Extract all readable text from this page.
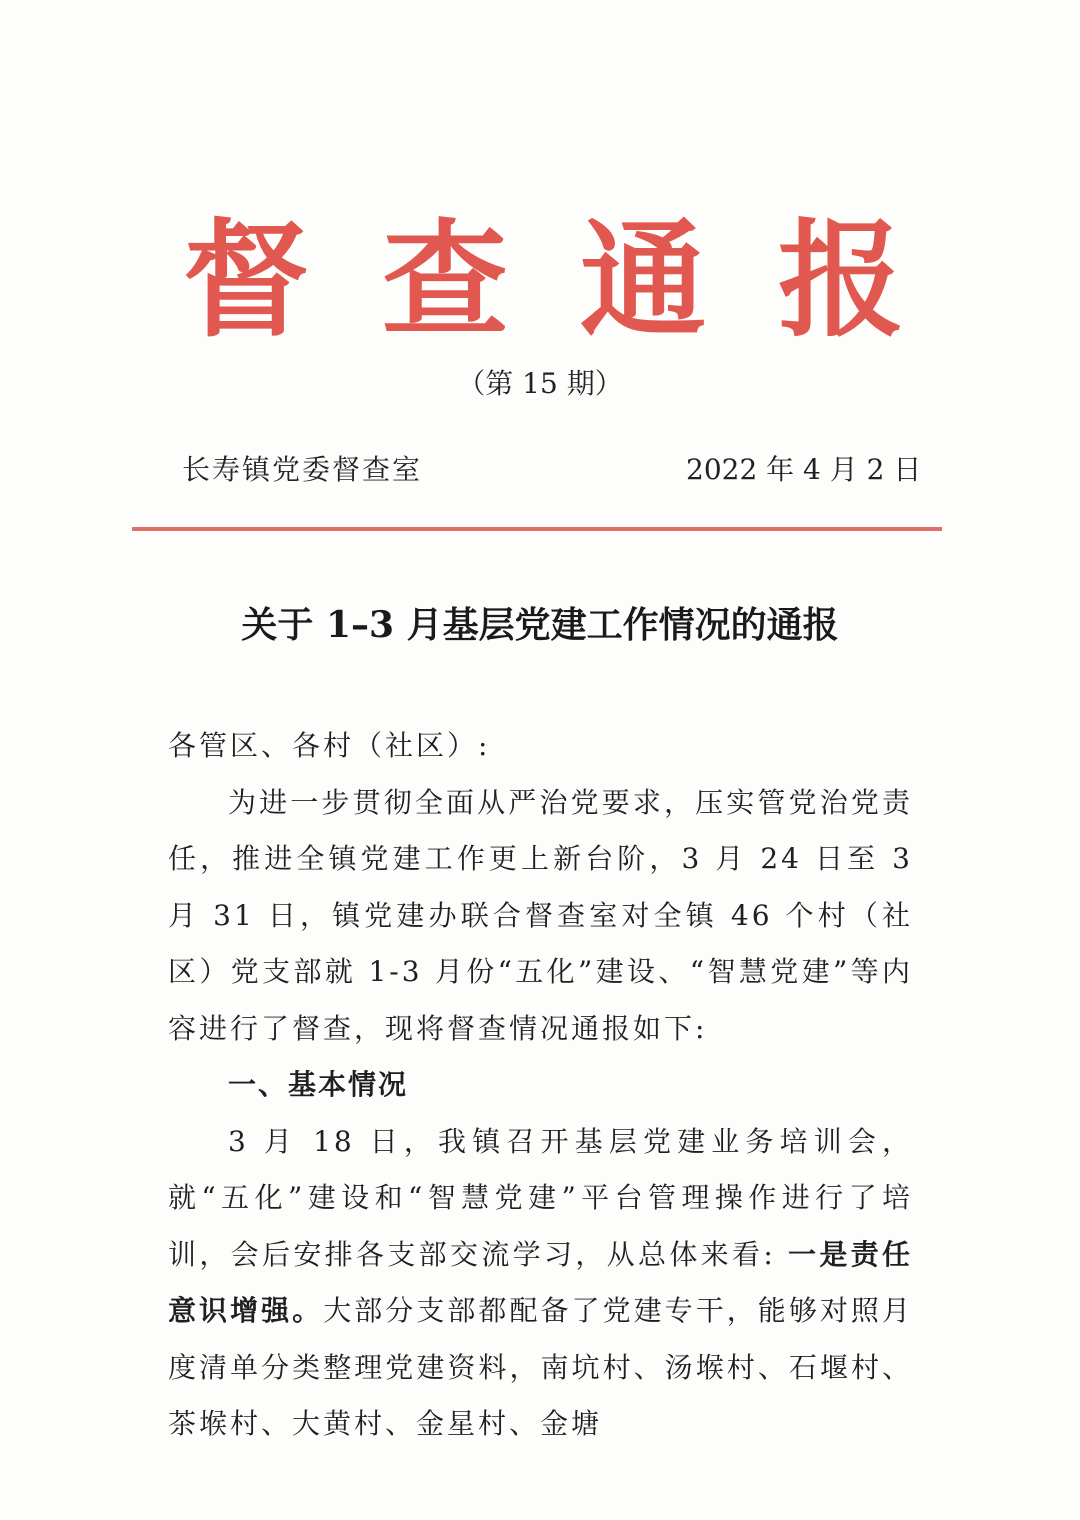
督 查 通 报
（第 15 期）
长寿镇党委督查室	2022 年 4 月 2 日
关于 1–3 月基层党建工作情况的通报

各管区、各村（社区）:

为进一步贯彻全面从严治党要求，压实管党治党责任，推进全镇党建工作更上新台阶，3 月 24 日至 3 月 31 日，镇党建办联合督查室对全镇 46 个村（社区）党支部就 1-3 月份“五化”建设、“智慧党建”等内容进行了督查，现将督查情况通报如下:

一、基本情况

3 月 18 日，我镇召开基层党建业务培训会，就“五化”建设和“智慧党建”平台管理操作进行了培训，会后安排各支部交流学习，从总体来看: 一是责任意识增强。大部分支部都配备了党建专干，能够对照月度清单分类整理党建资料，南坑村、汤堠村、石堰村、茶堠村、大黄村、金星村、金塘
